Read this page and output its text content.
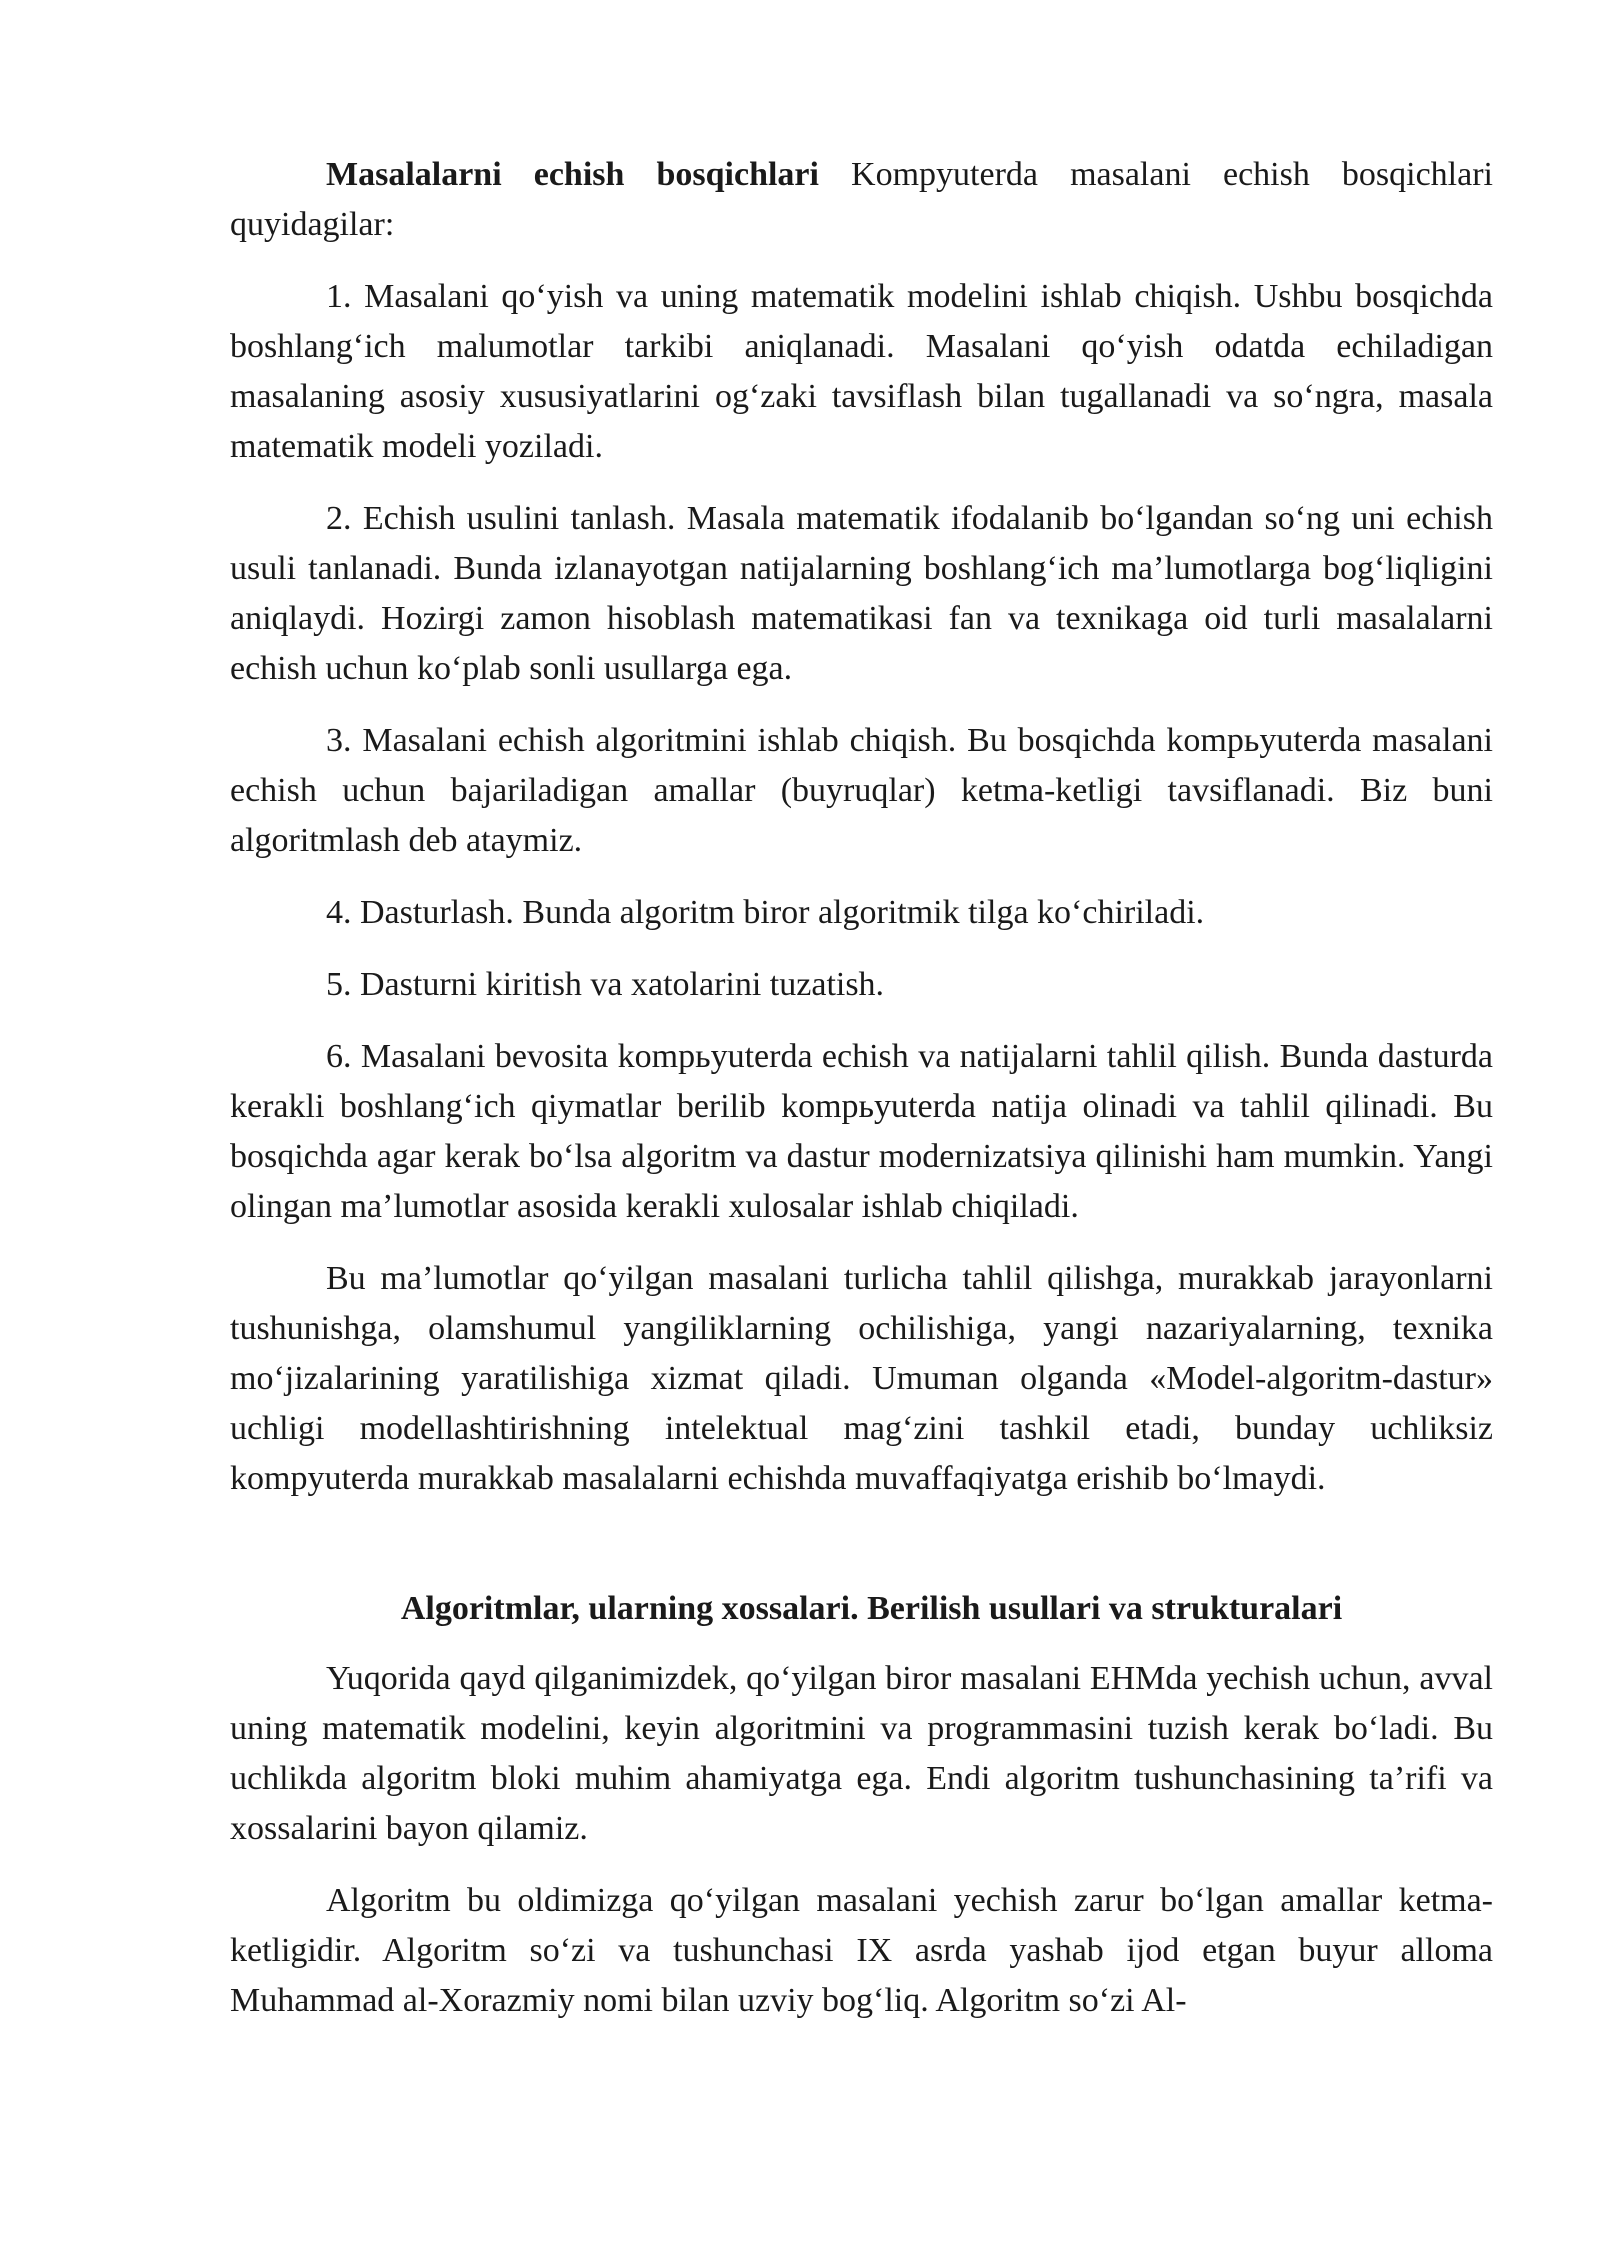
Masalalarni echish bosqichlari Kompyuterda masalani echish bosqichlari quyidagilar:

1. Masalani qo‘yish va uning matematik modelini ishlab chiqish. Ushbu bosqichda boshlang‘ich malumotlar tarkibi aniqlanadi. Masalani qo‘yish odatda echiladigan masalaning asosiy xususiyatlarini og‘zaki tavsiflash bilan tugallanadi va so‘ngra, masala matematik modeli yoziladi.

2. Echish usulini tanlash. Masala matematik ifodalanib bo‘lgandan so‘ng uni echish usuli tanlanadi. Bunda izlanayotgan natijalarning boshlang‘ich ma’lumotlarga bog‘liqligini aniqlaydi. Hozirgi zamon hisoblash matematikasi fan va texnikaga oid turli masalalarni echish uchun ko‘plab sonli usullarga ega.

3. Masalani echish algoritmini ishlab chiqish. Bu bosqichda kompьyuterda masalani echish uchun bajariladigan amallar (buyruqlar) ketma-ketligi tavsiflanadi. Biz buni algoritmlash deb ataymiz.

4. Dasturlash. Bunda algoritm biror algoritmik tilga ko‘chiriladi.

5. Dasturni kiritish va xatolarini tuzatish.

6. Masalani bevosita kompьyuterda echish va natijalarni tahlil qilish. Bunda dasturda kerakli boshlang‘ich qiymatlar berilib kompьyuterda natija olinadi va tahlil qilinadi. Bu bosqichda agar kerak bo‘lsa algoritm va dastur modernizatsiya qilinishi ham mumkin. Yangi olingan ma’lumotlar asosida kerakli xulosalar ishlab chiqiladi.

Bu ma’lumotlar qo‘yilgan masalani turlicha tahlil qilishga, murakkab jarayonlarni tushunishga, olamshumul yangiliklarning ochilishiga, yangi nazariyalarning, texnika mo‘jizalarining yaratilishiga xizmat qiladi. Umuman olganda «Model-algoritm-dastur» uchligi modellashtirishning intelektual mag‘zini tashkil etadi, bunday uchliksiz kompyuterda murakkab masalalarni echishda muvaffaqiyatga erishib bo‘lmaydi.

Algoritmlar, ularning xossalari. Berilish usullari va strukturalari

Yuqorida qayd qilganimizdek, qo‘yilgan biror masalani EHMda yechish uchun, avval uning matematik modelini, keyin algoritmini va programmasini tuzish kerak bo‘ladi. Bu uchlikda algoritm bloki muhim ahamiyatga ega. Endi algoritm tushunchasining ta’rifi va xossalarini bayon qilamiz.

Algoritm bu oldimizga qo‘yilgan masalani yechish zarur bo‘lgan amallar ketma-ketligidir. Algoritm so‘zi va tushunchasi IX asrda yashab ijod etgan buyur alloma Muhammad al-Xorazmiy nomi bilan uzviy bog‘liq. Algoritm so‘zi Al-
